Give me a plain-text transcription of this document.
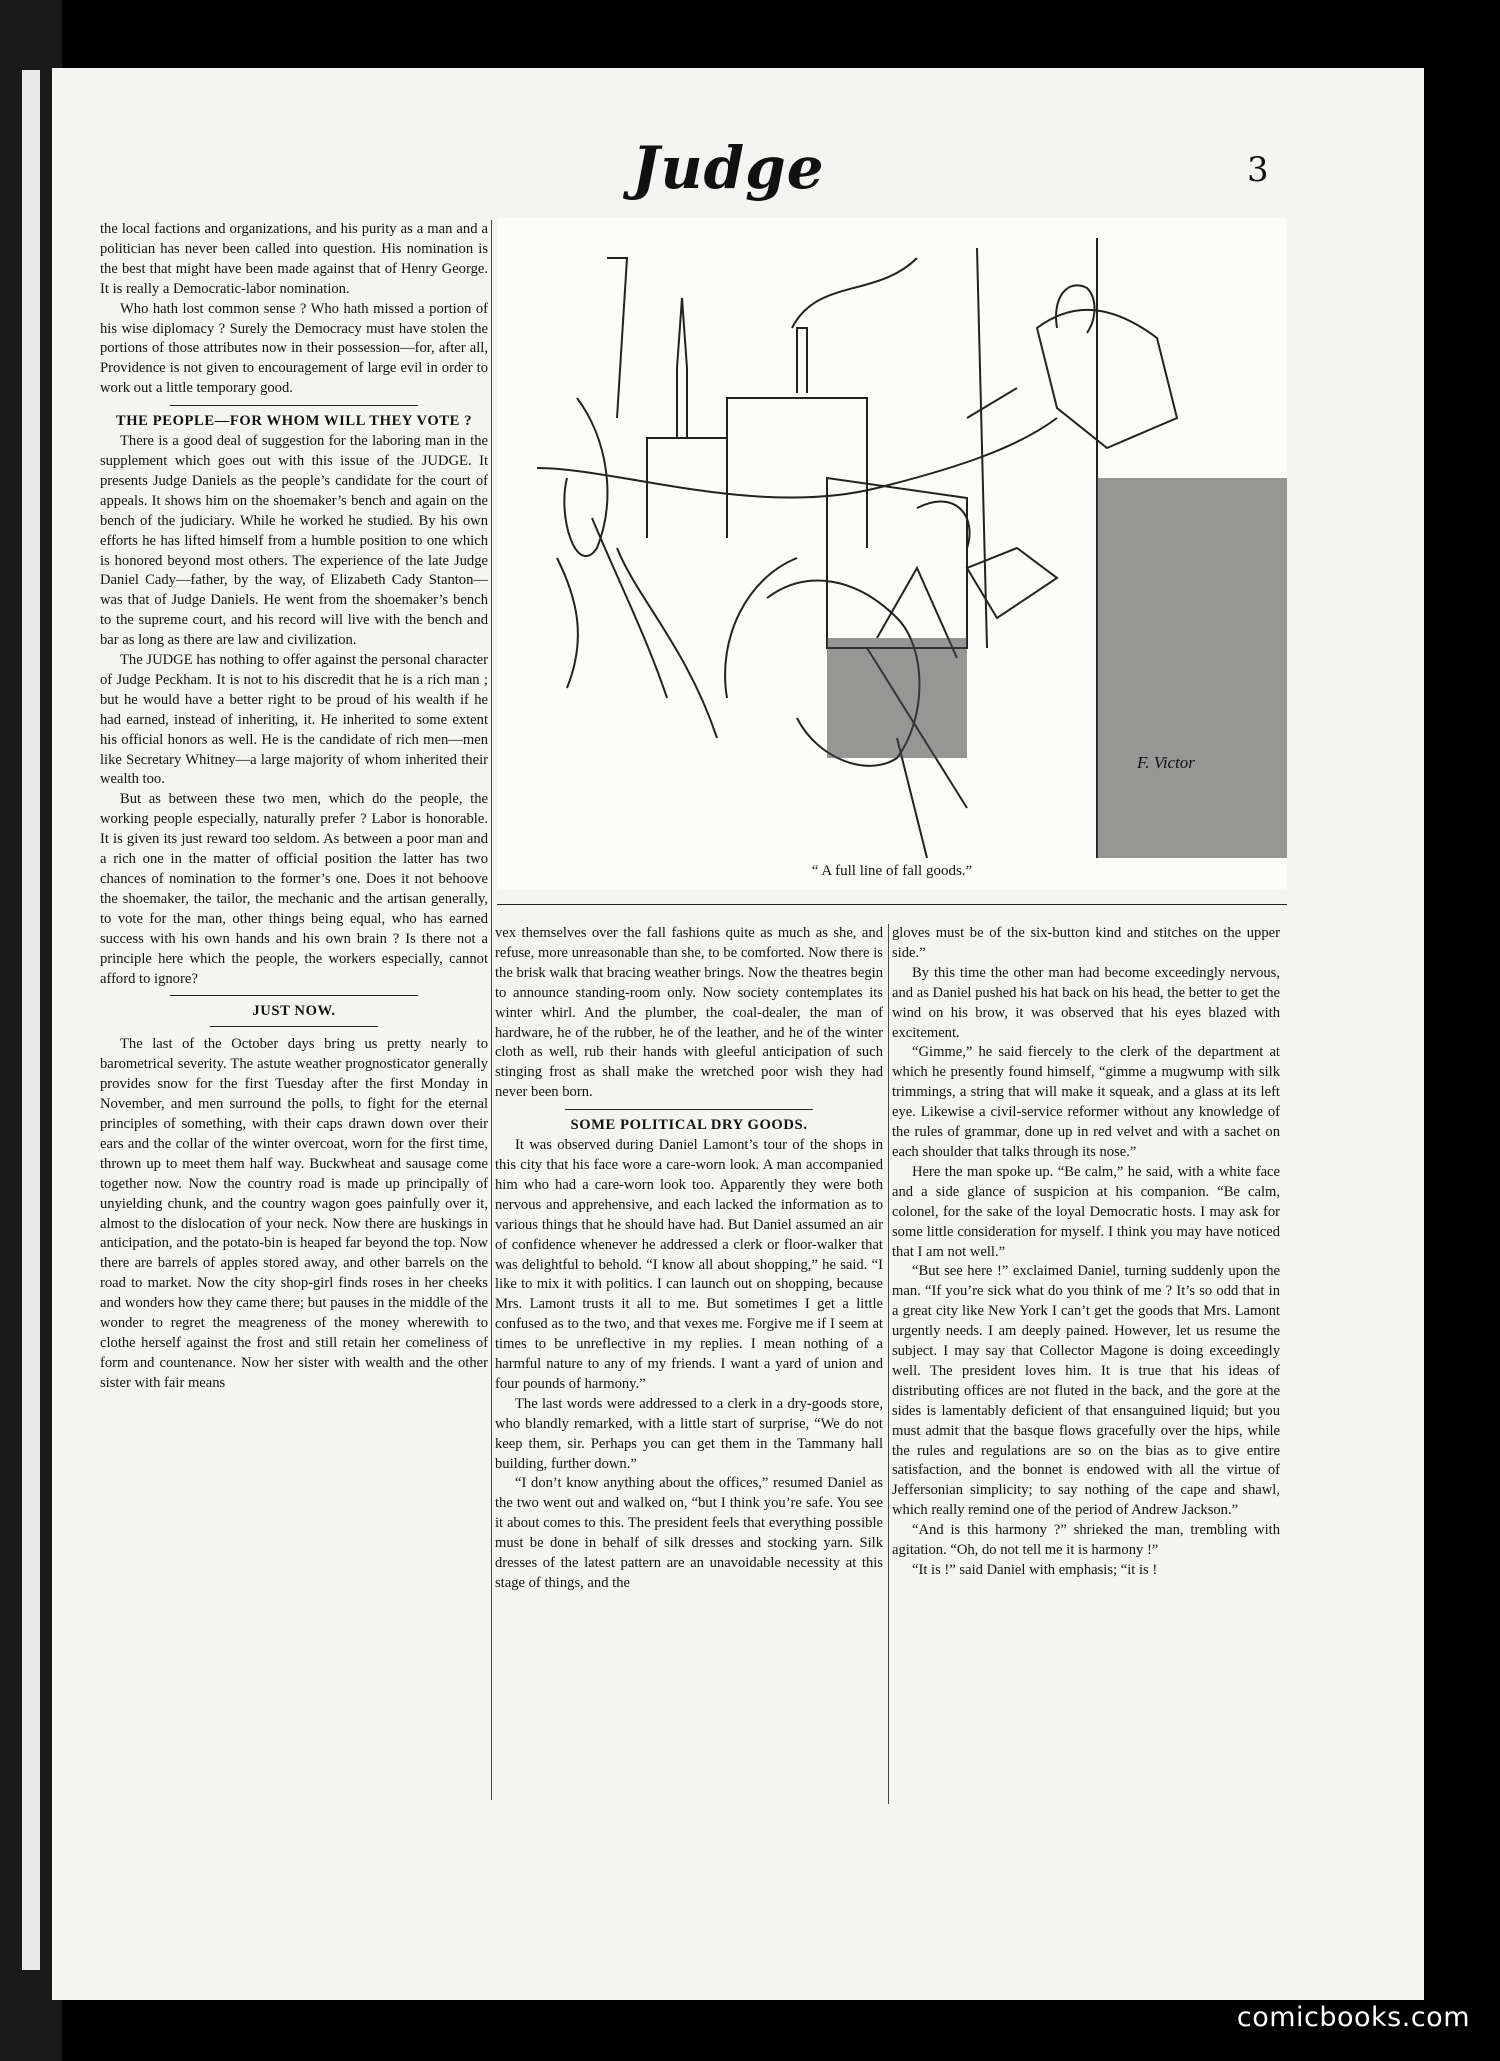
Judge	3

the local factions and organizations, and his purity as a man and a politician has never been called into question. His nomination is the best that might have been made against that of Henry George. It is really a Democratic-labor nomination.

Who hath lost common sense ? Who hath missed a portion of his wise diplomacy ? Surely the Democracy must have stolen the portions of those attributes now in their possession—for, after all, Providence is not given to encouragement of large evil in order to work out a little temporary good.

THE PEOPLE—FOR WHOM WILL THEY VOTE ?

There is a good deal of suggestion for the laboring man in the supplement which goes out with this issue of the JUDGE. It presents Judge Daniels as the people’s candidate for the court of appeals. It shows him on the shoemaker’s bench and again on the bench of the judiciary. While he worked he studied. By his own efforts he has lifted himself from a humble position to one which is honored beyond most others. The experience of the late Judge Daniel Cady—father, by the way, of Elizabeth Cady Stanton—was that of Judge Daniels. He went from the shoemaker’s bench to the supreme court, and his record will live with the bench and bar as long as there are law and civilization.

The JUDGE has nothing to offer against the personal character of Judge Peckham. It is not to his discredit that he is a rich man ; but he would have a better right to be proud of his wealth if he had earned, instead of inheriting, it. He inherited to some extent his official honors as well. He is the candidate of rich men—men like Secretary Whitney—a large majority of whom inherited their wealth too.

But as between these two men, which do the people, the working people especially, naturally prefer ? Labor is honorable. It is given its just reward too seldom. As between a poor man and a rich one in the matter of official position the latter has two chances of nomination to the former’s one. Does it not behoove the shoemaker, the tailor, the mechanic and the artisan generally, to vote for the man, other things being equal, who has earned success with his own hands and his own brain ? Is there not a principle here which the people, the workers especially, cannot afford to ignore?

JUST NOW.

The last of the October days bring us pretty nearly to barometrical severity. The astute weather prognosticator generally provides snow for the first Tuesday after the first Monday in November, and men surround the polls, to fight for the eternal principles of something, with their caps drawn down over their ears and the collar of the winter overcoat, worn for the first time, thrown up to meet them half way. Buckwheat and sausage come together now. Now the country road is made up principally of unyielding chunk, and the country wagon goes painfully over it, almost to the dislocation of your neck. Now there are huskings in anticipation, and the potato-bin is heaped far beyond the top. Now there are barrels of apples stored away, and other barrels on the road to market. Now the city shop-girl finds roses in her cheeks and wonders how they came there; but pauses in the middle of the wonder to regret the meagreness of the money wherewith to clothe herself against the frost and still retain her comeliness of form and countenance. Now her sister with wealth and the other sister with fair means

F. Victor
“ A full line of fall goods.”

vex themselves over the fall fashions quite as much as she, and refuse, more unreasonable than she, to be comforted. Now there is the brisk walk that bracing weather brings. Now the theatres begin to announce standing-room only. Now society contemplates its winter whirl. And the plumber, the coal-dealer, the man of hardware, he of the rubber, he of the leather, and he of the winter cloth as well, rub their hands with gleeful anticipation of such stinging frost as shall make the wretched poor wish they had never been born.

SOME POLITICAL DRY GOODS.

It was observed during Daniel Lamont’s tour of the shops in this city that his face wore a care-worn look. A man accompanied him who had a care-worn look too. Apparently they were both nervous and apprehensive, and each lacked the information as to various things that he should have had. But Daniel assumed an air of confidence whenever he addressed a clerk or floor-walker that was delightful to behold. “I know all about shopping,” he said. “I like to mix it with politics. I can launch out on shopping, because Mrs. Lamont trusts it all to me. But sometimes I get a little confused as to the two, and that vexes me. Forgive me if I seem at times to be unreflective in my replies. I mean nothing of a harmful nature to any of my friends. I want a yard of union and four pounds of harmony.”

The last words were addressed to a clerk in a dry-goods store, who blandly remarked, with a little start of surprise, “We do not keep them, sir. Perhaps you can get them in the Tammany hall building, further down.”

“I don’t know anything about the offices,” resumed Daniel as the two went out and walked on, “but I think you’re safe. You see it about comes to this. The president feels that everything possible must be done in behalf of silk dresses and stocking yarn. Silk dresses of the latest pattern are an unavoidable necessity at this stage of things, and the

gloves must be of the six-button kind and stitches on the upper side.”

By this time the other man had become exceedingly nervous, and as Daniel pushed his hat back on his head, the better to get the wind on his brow, it was observed that his eyes blazed with excitement.

“Gimme,” he said fiercely to the clerk of the department at which he presently found himself, “gimme a mugwump with silk trimmings, a string that will make it squeak, and a glass at its left eye. Likewise a civil-service reformer without any knowledge of the rules of grammar, done up in red velvet and with a sachet on each shoulder that talks through its nose.”

Here the man spoke up. “Be calm,” he said, with a white face and a side glance of suspicion at his companion. “Be calm, colonel, for the sake of the loyal Democratic hosts. I may ask for some little consideration for myself. I think you may have noticed that I am not well.”

“But see here !” exclaimed Daniel, turning suddenly upon the man. “If you’re sick what do you think of me ? It’s so odd that in a great city like New York I can’t get the goods that Mrs. Lamont urgently needs. I am deeply pained. However, let us resume the subject. I may say that Collector Magone is doing exceedingly well. The president loves him. It is true that his ideas of distributing offices are not fluted in the back, and the gore at the sides is lamentably deficient of that ensanguined liquid; but you must admit that the basque flows gracefully over the hips, while the rules and regulations are so on the bias as to give entire satisfaction, and the bonnet is endowed with all the virtue of Jeffersonian simplicity; to say nothing of the cape and shawl, which really remind one of the period of Andrew Jackson.”

“And is this harmony ?” shrieked the man, trembling with agitation. “Oh, do not tell me it is harmony !”

“It is !” said Daniel with emphasis; “it is !

comicbooks.com
